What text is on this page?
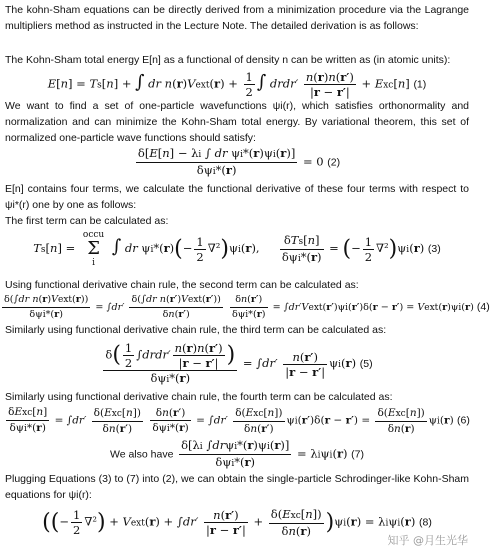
The kohn-Sham equations can be directly derived from a minimization procedure via the Lagrange multipliers method as instructed in the Lecture Note. The detailed derivation is as follows:

The Kohn-Sham total energy E[n] as a functional of density n can be written as (in atomic units):

E[n] = Ts[n] + ∫ dr n(r)Vext(r) + $\frac{1}{2}$ ∫ drdr′ $\frac{n(r)n(r')}{|r - r'|} + Exc[n]$ (1)

We want to find a set of one-particle wavefunctions ψi(r), which satisfies orthonormality and normalization and can minimize the Kohn-Sham total energy. By variational theorem, this set of normalized one-particle wave functions should satisfy:

$\frac{\text{δ[E[n] − λi ∫ dr ψi*(r)ψi(r)]}}{\text{δψi*(r)}} = 0$ (2)

E[n] contains four terms, we calculate the functional derivative of these four terms with respect to ψi*(r) one by one as follows:

The first term can be calculated as:

Ts[n] =
occu
Σ
i
∫ dr $\psi i*(r)(- \frac{1}{2} \nabla^2)\psi i(r)$, $\frac{\text{δTs[n]}}{\text{δψi*(r)}}$ = (− $\frac{1}{2} \nabla^2)\psi i(r)$ (3)

Using functional derivative chain rule, the second term can be calculated as:

$\frac{\text{δ(∫dr n(r)Vext(r))}}{\text{δψi*(r)}} = \int dr' \frac{\text{δ(∫dr n(r′)Vext(r′))}}{\delta n(r')}$
$\frac{\delta n(r')}{\text{δψi*(r)}}$ = ∫dr′Vext(r′)ψi(r′)δ(r − r′) = Vext(r)ψi(r) (4)

Similarly using functional derivative chain rule, the third term can be calculated as:

$\frac{\delta( \frac{1}{2} \int drdr' \frac{n(r)n(r')}{|r - r'|} )}{\text{δψi*(r)}} = \int dr' \frac{n(r')}{|r - r'|} \psi i(r)$ (5)

Similarly using functional derivative chain rule, the fourth term can be calculated as:

$\frac{\text{δExc[n]}}{\text{δψi*(r)}} = \int dr' \frac{\text{δ(Exc[n])}}{\delta n(r')}$
$\frac{\delta n(r')}{\text{δψi*(r)}} = \int dr' \frac{\text{δ(Exc[n])}}{\delta n(r')} \psi i(r')\delta(r - r') = \frac{\text{δ(Exc[n])}}{\delta n(r)} \psi i(r)$ (6)
We also have $\frac{\text{δ[λi ∫drψi*(r)ψi(r)]}}{\text{δψi*(r)}} = \lambda i\psi i(r)$ (7)

Plugging Equations (3) to (7) into (2), we can obtain the single-particle Schrodinger-like Kohn-Sham equations for ψi(r):

((− $\frac{1}{2} \nabla^2$) + Vext(r) + $\int dr' \frac{n(r')}{|r - r'|} + \frac{\text{δ(Exc[n])}}{\delta n(r)} )\psi i(r) = \lambda i\psi i(r)$ (8)
知乎 @月生光华
